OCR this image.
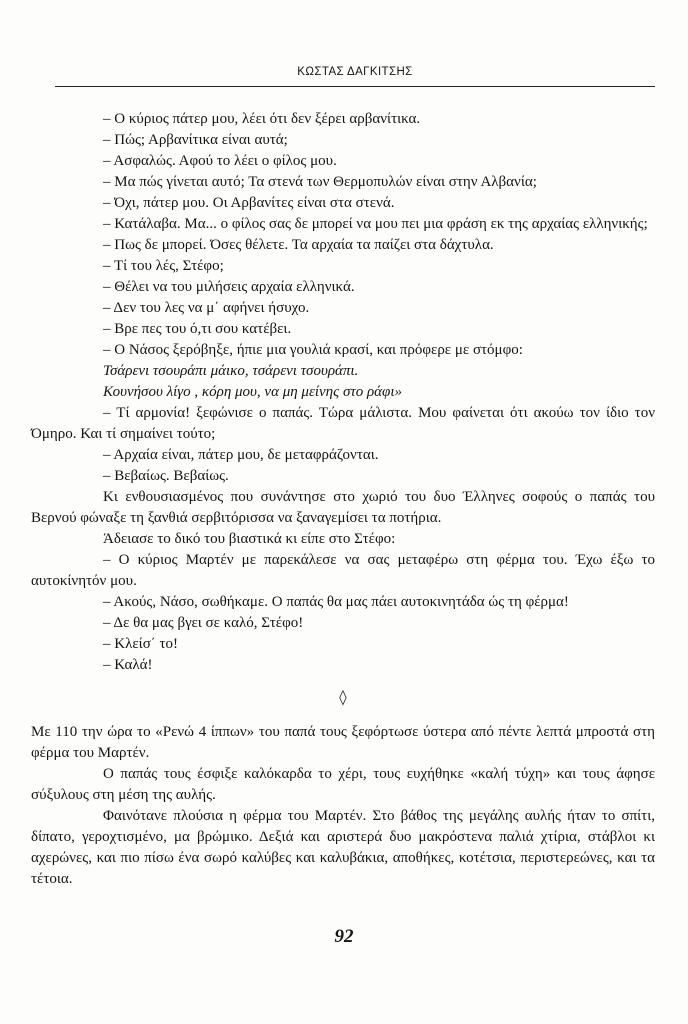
ΚΩΣΤΑΣ ΔΑΓΚΙΤΣΗΣ

– Ο κύριος πάτερ μου, λέει ότι δεν ξέρει αρβανίτικα.

– Πώς; Αρβανίτικα είναι αυτά;

– Ασφαλώς. Αφού το λέει ο φίλος μου.

– Μα πώς γίνεται αυτό; Τα στενά των Θερμοπυλών είναι στην Αλβανία;

– Όχι, πάτερ μου. Οι Αρβανίτες είναι στα στενά.

– Κατάλαβα. Μα... ο φίλος σας δε μπορεί να μου πει μια φράση εκ της αρχαίας ελληνικής;

– Πως δε μπορεί. Όσες θέλετε. Τα αρχαία τα παίζει στα δάχτυλα.

– Τί του λές, Στέφο;

– Θέλει να του μιλήσεις αρχαία ελληνικά.

– Δεν του λες να μ΄ αφήνει ήσυχο.

– Βρε πες του ό,τι σου κατέβει.

– Ο Νάσος ξερόβηξε, ήπιε μια γουλιά κρασί, και πρόφερε με στόμφο:

Τσάρενι τσουράπι μάικο, τσάρενι τσουράπι.

Κουνήσου λίγο , κόρη μου, να μη μείνης στο ράφι»

– Τί αρμονία! ξεφώνισε ο παπάς. Τώρα μάλιστα. Μου φαίνεται ότι ακούω τον ίδιο τον Όμηρο. Και τί σημαίνει τούτο;

– Αρχαία είναι, πάτερ μου, δε μεταφράζονται.

– Βεβαίως. Βεβαίως.

Κι ενθουσιασμένος που συνάντησε στο χωριό του δυο Έλληνες σοφούς ο παπάς του Βερνού φώναξε τη ξανθιά σερβιτόρισσα να ξαναγεμίσει τα ποτήρια.

Άδειασε το δικό του βιαστικά κι είπε στο Στέφο:

– Ο κύριος Μαρτέν με παρεκάλεσε να σας μεταφέρω στη φέρμα του. Έχω έξω το αυτοκίνητόν μου.

– Ακούς, Νάσο, σωθήκαμε. Ο παπάς θα μας πάει αυτοκινητάδα ώς τη φέρμα!

– Δε θα μας βγει σε καλό, Στέφο!

– Κλείσ΄ το!

– Καλά!

◊

Με 110 την ώρα το «Ρενώ 4 ίππων» του παπά τους ξεφόρτωσε ύστερα από πέντε λεπτά μπροστά στη φέρμα του Μαρτέν.

Ο παπάς τους έσφιξε καλόκαρδα το χέρι, τους ευχήθηκε «καλή τύχη» και τους άφησε σύξυλους στη μέση της αυλής.

Φαινότανε πλούσια η φέρμα του Μαρτέν. Στο βάθος της μεγάλης αυλής ήταν το σπίτι, δίπατο, γεροχτισμένο, μα βρώμικο. Δεξιά και αριστερά δυο μακρόστενα παλιά χτίρια, στάβλοι κι αχερώνες, και πιο πίσω ένα σωρό καλύβες και καλυβάκια, αποθήκες, κοτέτσια, περιστερεώνες, και τα τέτοια.

92
